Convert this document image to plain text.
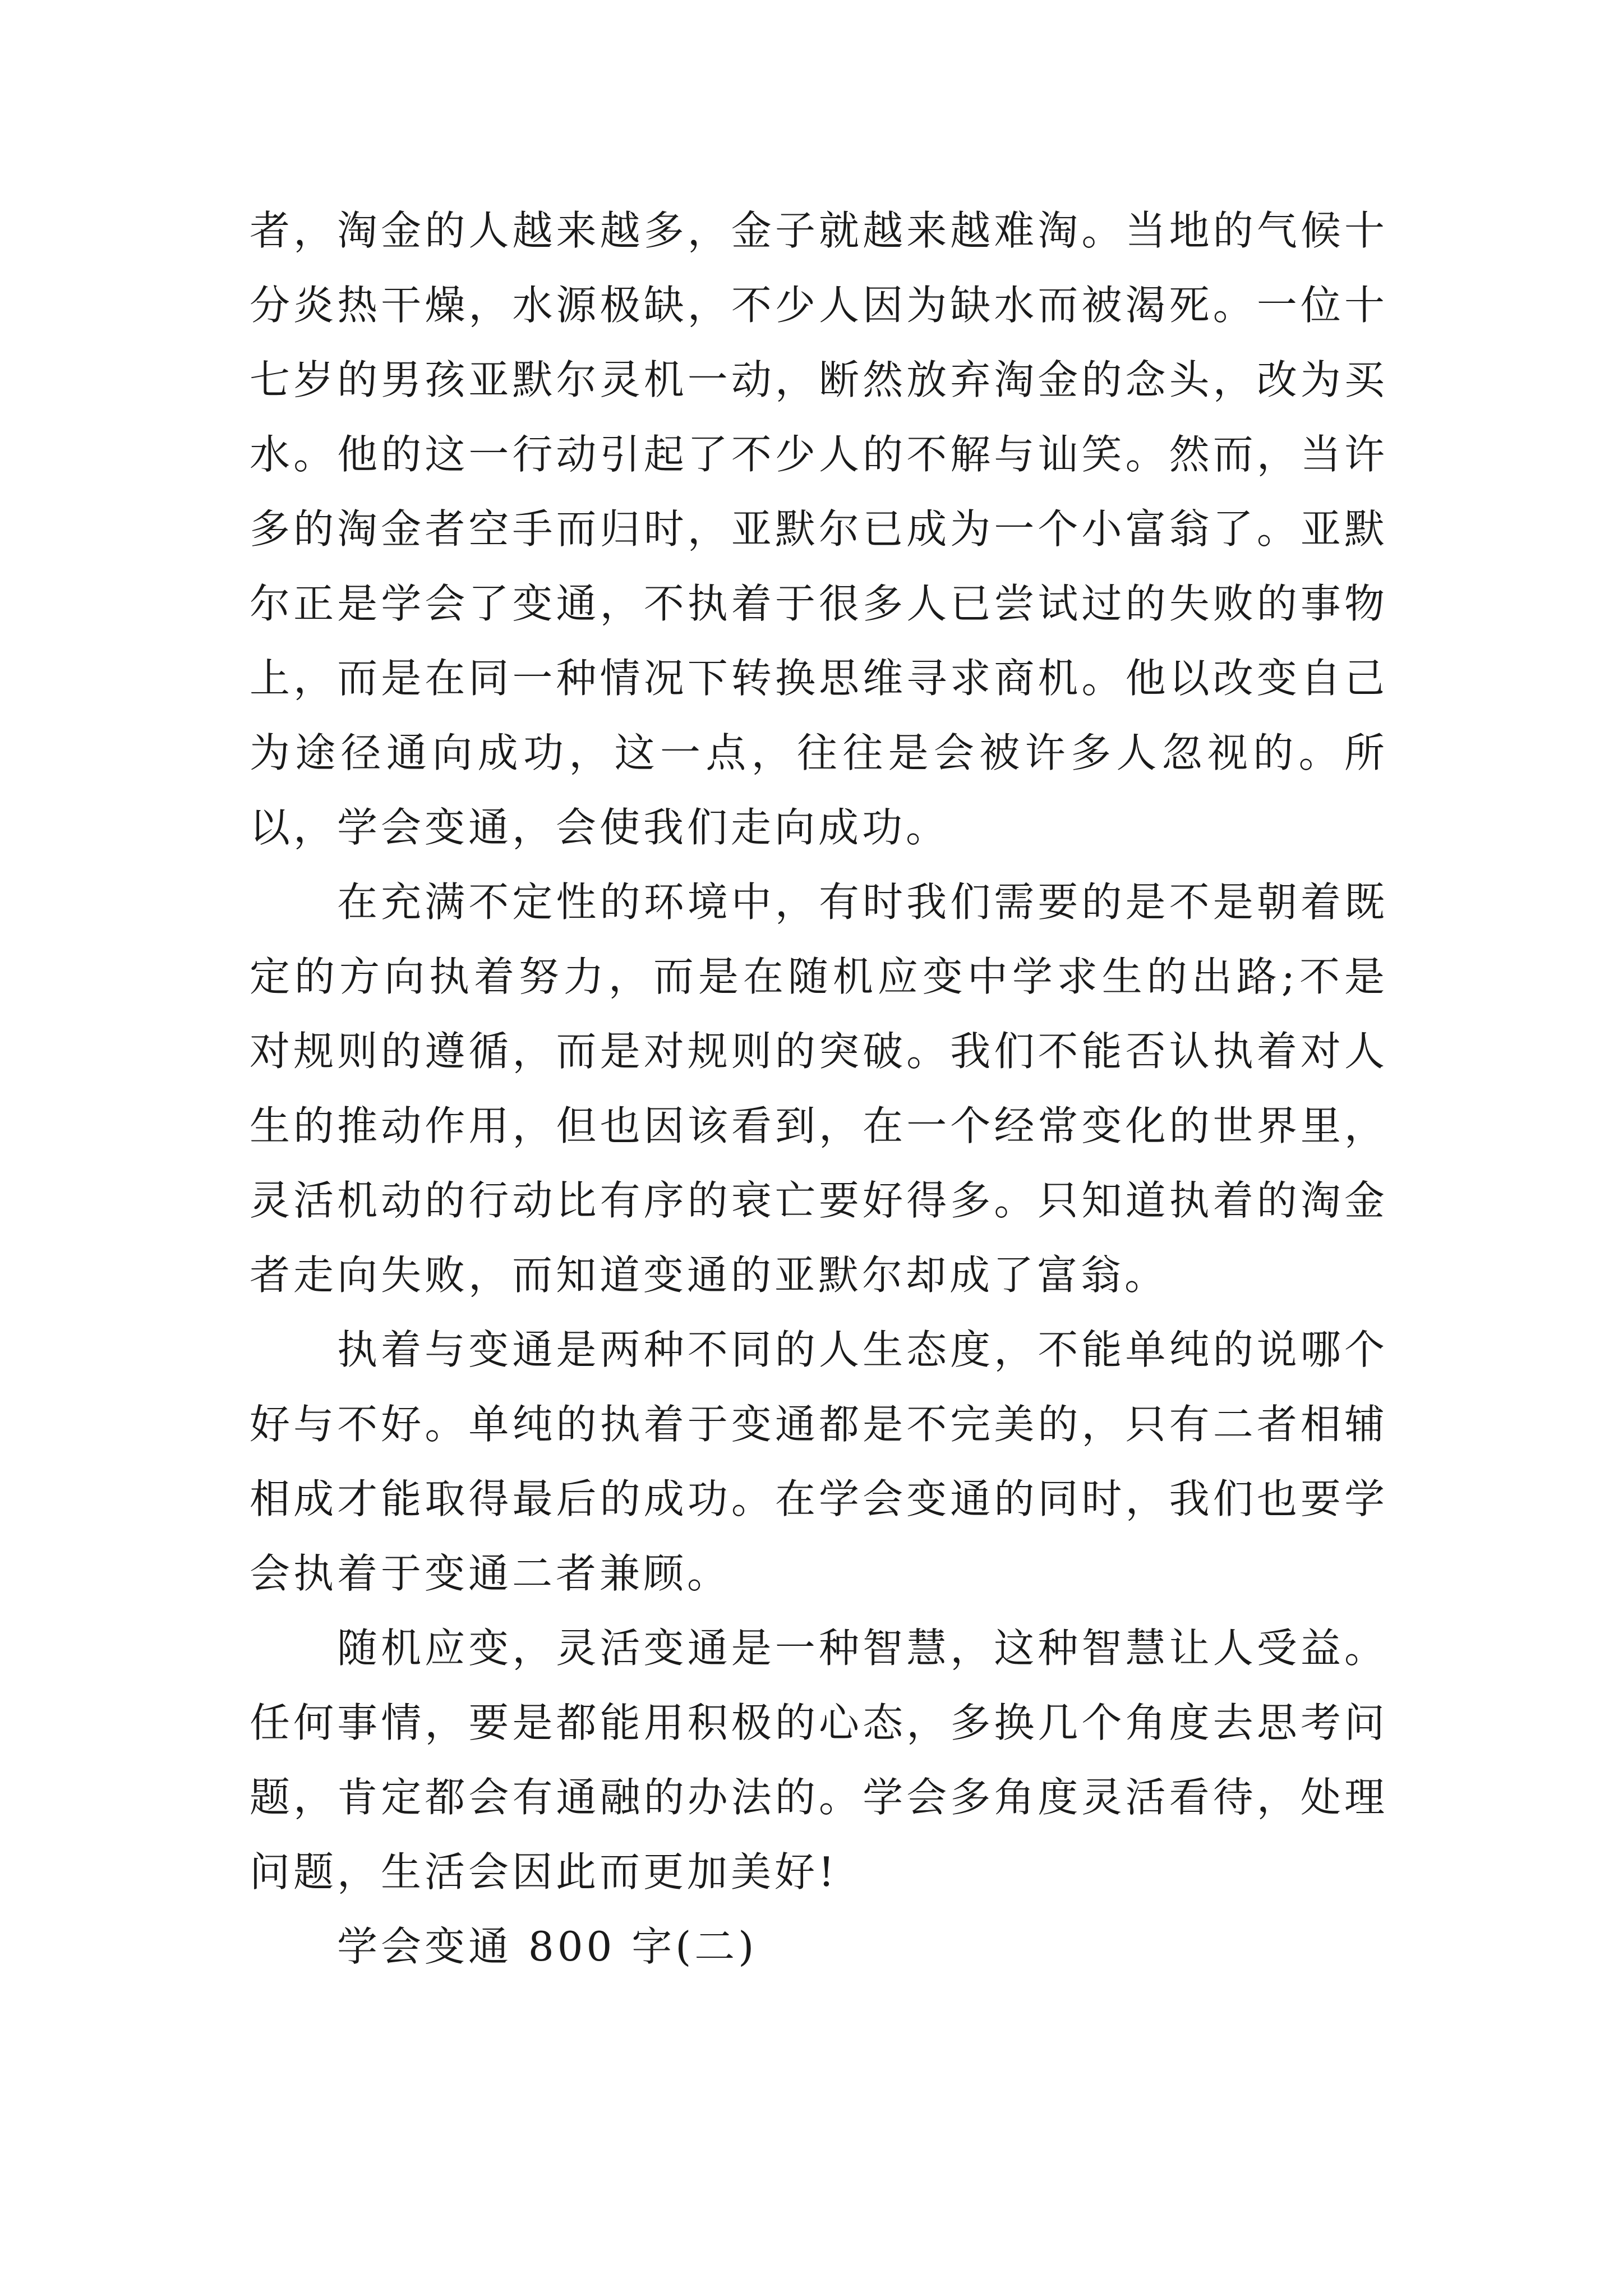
者，淘金的人越来越多，金子就越来越难淘。当地的气候十分炎热干燥，水源极缺，不少人因为缺水而被渴死。一位十七岁的男孩亚默尔灵机一动，断然放弃淘金的念头，改为买水。他的这一行动引起了不少人的不解与讪笑。然而，当许多的淘金者空手而归时，亚默尔已成为一个小富翁了。亚默尔正是学会了变通，不执着于很多人已尝试过的失败的事物上，而是在同一种情况下转换思维寻求商机。他以改变自己为途径通向成功，这一点，往往是会被许多人忽视的。所以，学会变通，会使我们走向成功。

在充满不定性的环境中，有时我们需要的是不是朝着既定的方向执着努力，而是在随机应变中学求生的出路;不是对规则的遵循，而是对规则的突破。我们不能否认执着对人生的推动作用，但也因该看到，在一个经常变化的世界里，灵活机动的行动比有序的衰亡要好得多。只知道执着的淘金者走向失败，而知道变通的亚默尔却成了富翁。

执着与变通是两种不同的人生态度，不能单纯的说哪个好与不好。单纯的执着于变通都是不完美的，只有二者相辅相成才能取得最后的成功。在学会变通的同时，我们也要学会执着于变通二者兼顾。

随机应变，灵活变通是一种智慧，这种智慧让人受益。任何事情，要是都能用积极的心态，多换几个角度去思考问题，肯定都会有通融的办法的。学会多角度灵活看待，处理问题，生活会因此而更加美好!

学会变通 800 字(二)
